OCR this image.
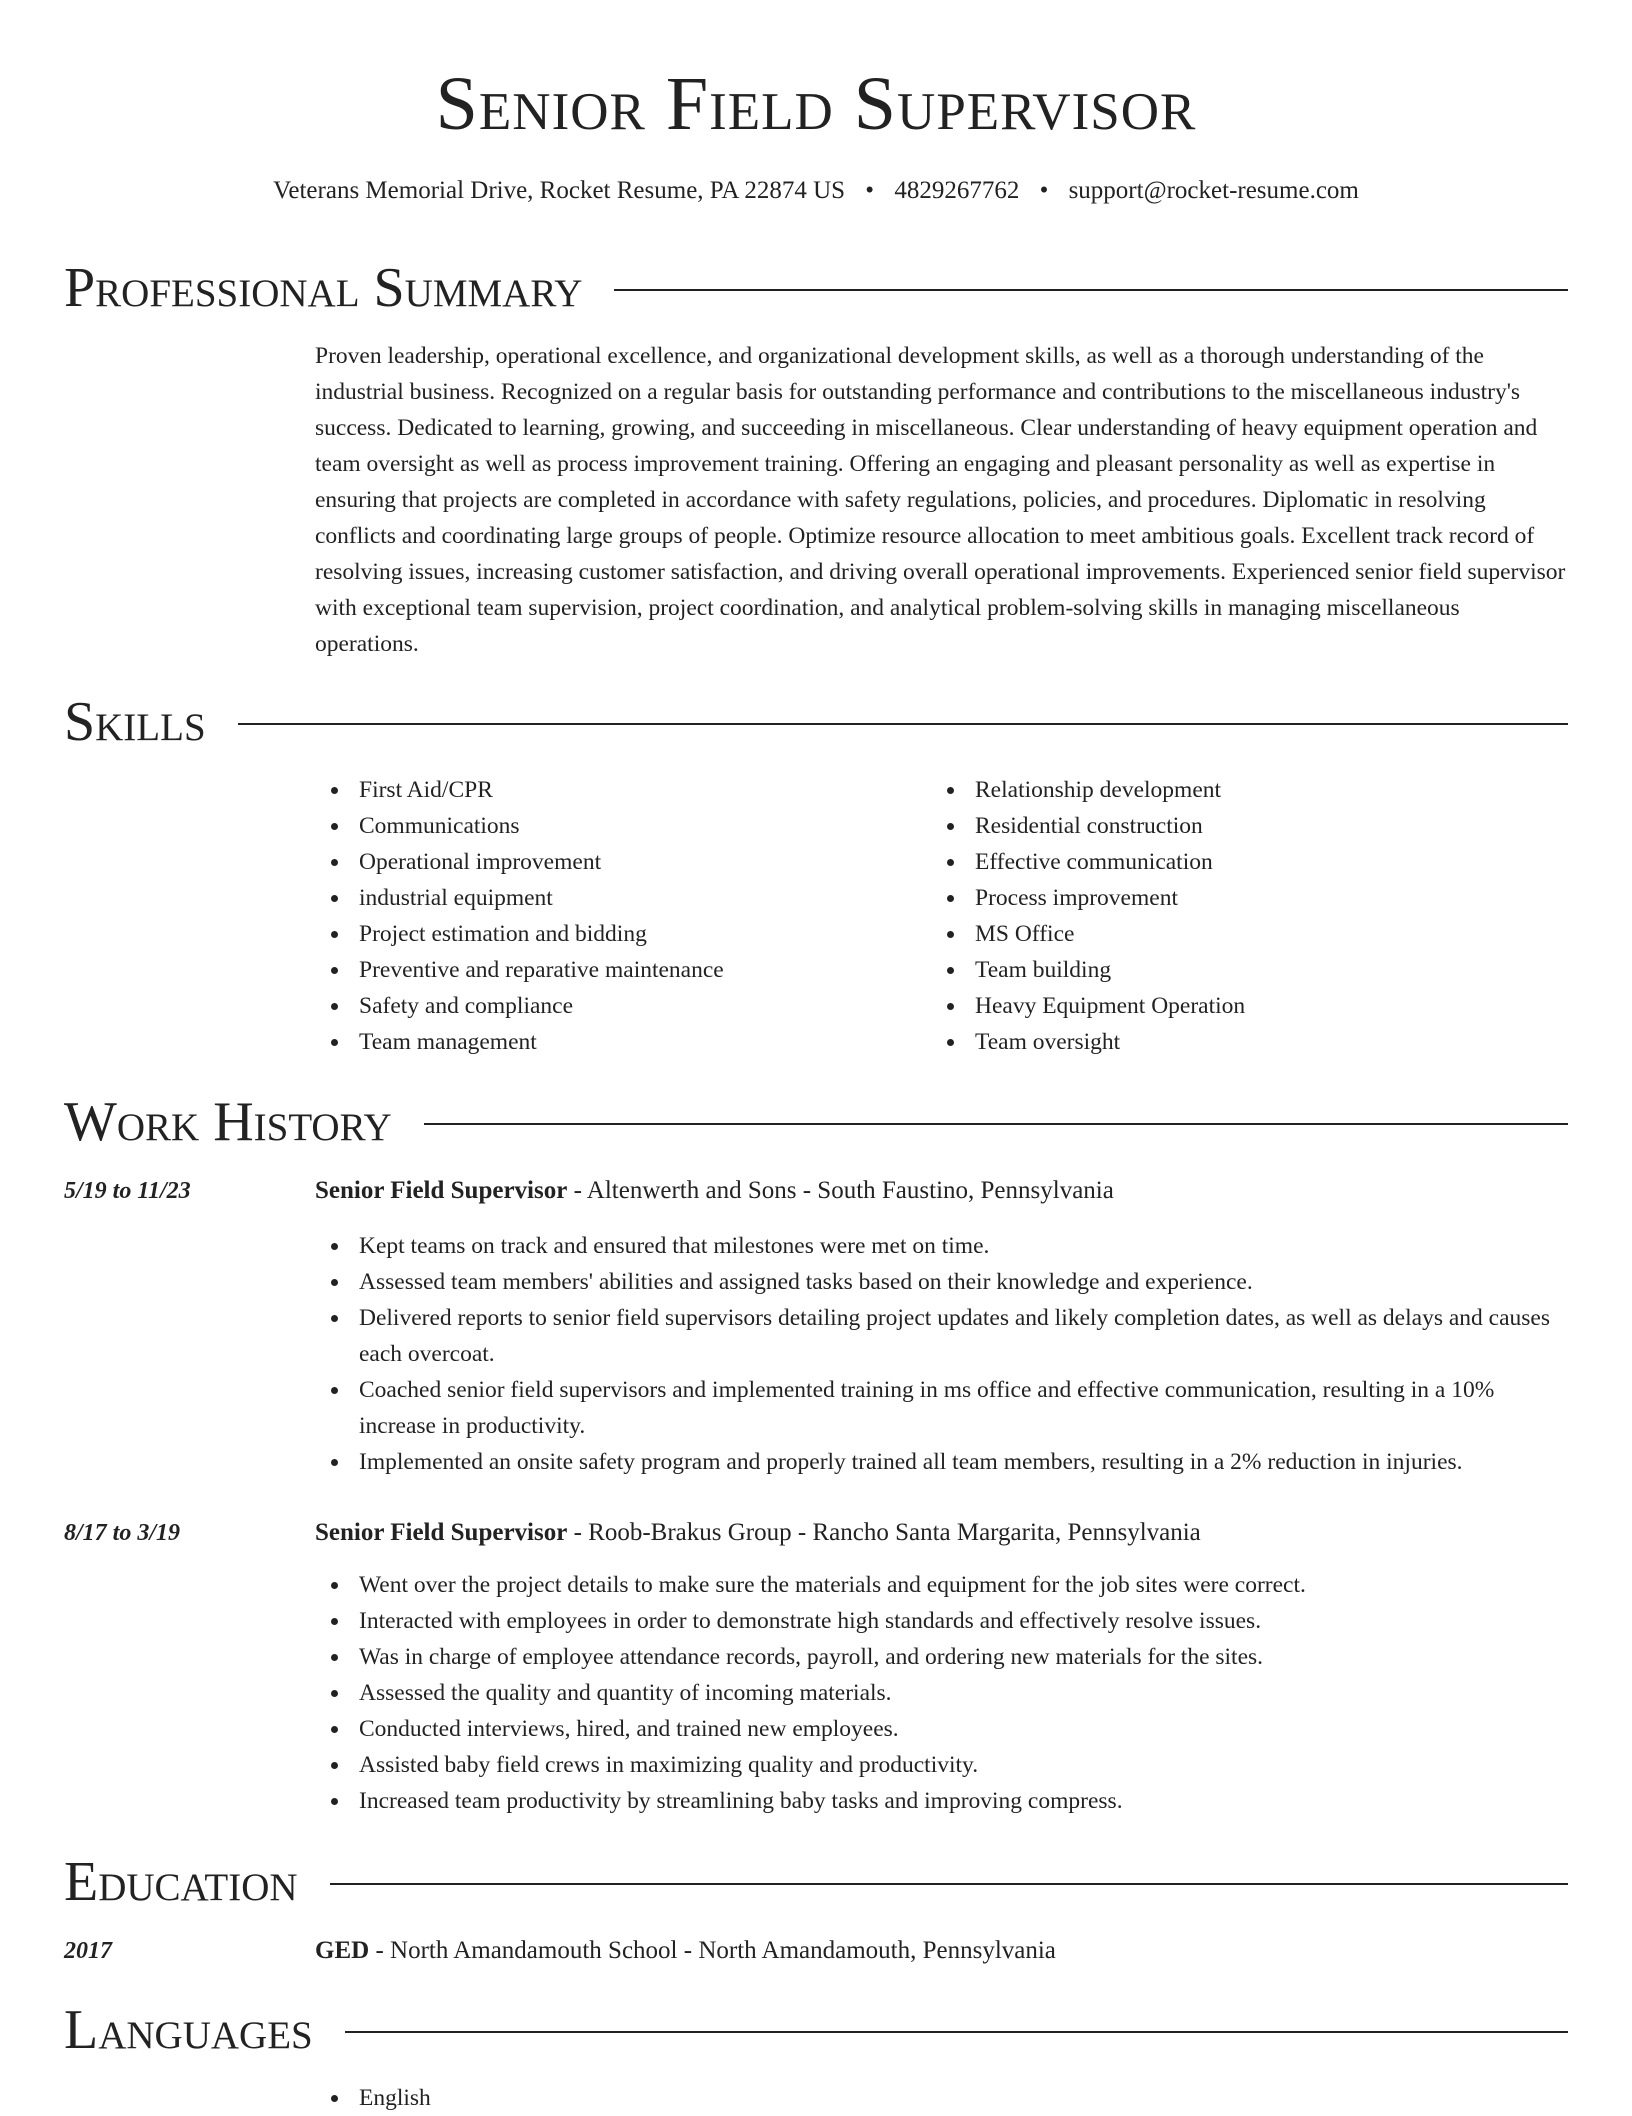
Senior Field Supervisor
Veterans Memorial Drive, Rocket Resume, PA 22874 US • 4829267762 • support@rocket-resume.com
Professional Summary

Proven leadership, operational excellence, and organizational development skills, as well as a thorough understanding of the industrial business. Recognized on a regular basis for outstanding performance and contributions to the miscellaneous industry's success. Dedicated to learning, growing, and succeeding in miscellaneous. Clear understanding of heavy equipment operation and team oversight as well as process improvement training. Offering an engaging and pleasant personality as well as expertise in ensuring that projects are completed in accordance with safety regulations, policies, and procedures. Diplomatic in resolving conflicts and coordinating large groups of people. Optimize resource allocation to meet ambitious goals. Excellent track record of resolving issues, increasing customer satisfaction, and driving overall operational improvements. Experienced senior field supervisor with exceptional team supervision, project coordination, and analytical problem-solving skills in managing miscellaneous operations.

Skills
First Aid/CPR
Communications
Operational improvement
industrial equipment
Project estimation and bidding
Preventive and reparative maintenance
Safety and compliance
Team management
Relationship development
Residential construction
Effective communication
Process improvement
MS Office
Team building
Heavy Equipment Operation
Team oversight
Work History
5/19 to 11/23	Senior Field Supervisor - Altenwerth and Sons - South Faustino, Pennsylvania
Kept teams on track and ensured that milestones were met on time.
Assessed team members' abilities and assigned tasks based on their knowledge and experience.
Delivered reports to senior field supervisors detailing project updates and likely completion dates, as well as delays and causes each overcoat.
Coached senior field supervisors and implemented training in ms office and effective communication, resulting in a 10% increase in productivity.
Implemented an onsite safety program and properly trained all team members, resulting in a 2% reduction in injuries.
8/17 to 3/19	Senior Field Supervisor - Roob-Brakus Group - Rancho Santa Margarita, Pennsylvania
Went over the project details to make sure the materials and equipment for the job sites were correct.
Interacted with employees in order to demonstrate high standards and effectively resolve issues.
Was in charge of employee attendance records, payroll, and ordering new materials for the sites.
Assessed the quality and quantity of incoming materials.
Conducted interviews, hired, and trained new employees.
Assisted baby field crews in maximizing quality and productivity.
Increased team productivity by streamlining baby tasks and improving compress.
Education
2017	GED - North Amandamouth School - North Amandamouth, Pennsylvania
Languages
English
